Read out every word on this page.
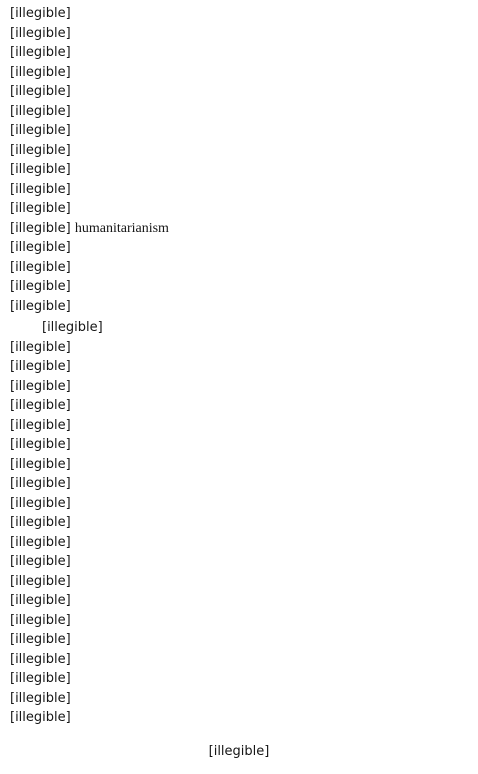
[illegible]
[illegible]
[illegible]
[illegible]
[illegible]
[illegible]
[illegible]
[illegible]
[illegible]
[illegible]
[illegible]
[illegible] humanitarianism
[illegible]
[illegible]
[illegible]
[illegible]
[illegible]
[illegible]
[illegible]
[illegible]
[illegible]
[illegible]
[illegible]
[illegible]
[illegible]
[illegible]
[illegible]
[illegible]
[illegible]
[illegible]
[illegible]
[illegible]
[illegible]
[illegible]
[illegible]
[illegible]
[illegible]
[illegible]
